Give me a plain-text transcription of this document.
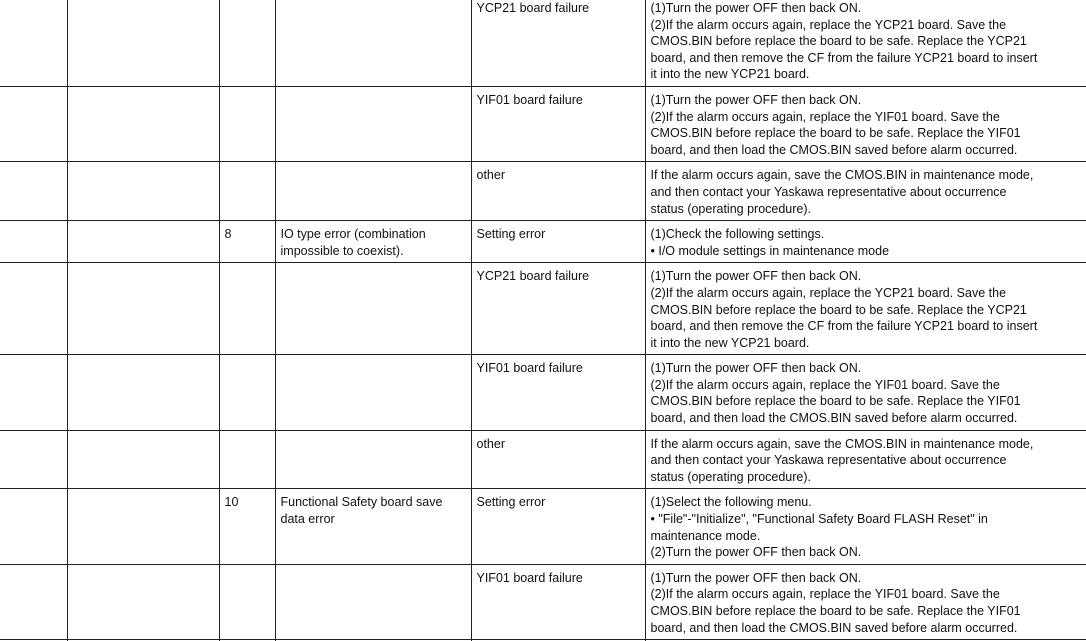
				YCP21 board failure	(1)Turn the power OFF then back ON.
(2)If the alarm occurs again, replace the YCP21 board. Save the
CMOS.BIN before replace the board to be safe. Replace the YCP21
board, and then remove the CF from the failure YCP21 board to insert
it into the new YCP21 board.

				YIF01 board failure	(1)Turn the power OFF then back ON.
(2)If the alarm occurs again, replace the YIF01 board. Save the
CMOS.BIN before replace the board to be safe. Replace the YIF01
board, and then load the CMOS.BIN saved before alarm occurred.

				other	If the alarm occurs again, save the CMOS.BIN in maintenance mode,
and then contact your Yaskawa representative about occurrence
status (operating procedure).

		8	IO type error (combination impossible to coexist).	Setting error	(1)Check the following settings.
• I/O module settings in maintenance mode

				YCP21 board failure	(1)Turn the power OFF then back ON.
(2)If the alarm occurs again, replace the YCP21 board. Save the
CMOS.BIN before replace the board to be safe. Replace the YCP21
board, and then remove the CF from the failure YCP21 board to insert
it into the new YCP21 board.

				YIF01 board failure	(1)Turn the power OFF then back ON.
(2)If the alarm occurs again, replace the YIF01 board. Save the
CMOS.BIN before replace the board to be safe. Replace the YIF01
board, and then load the CMOS.BIN saved before alarm occurred.

				other	If the alarm occurs again, save the CMOS.BIN in maintenance mode,
and then contact your Yaskawa representative about occurrence
status (operating procedure).

		10	Functional Safety board save data error	Setting error	(1)Select the following menu.
• "File"-"Initialize", "Functional Safety Board FLASH Reset" in
maintenance mode.
(2)Turn the power OFF then back ON.

				YIF01 board failure	(1)Turn the power OFF then back ON.
(2)If the alarm occurs again, replace the YIF01 board. Save the
CMOS.BIN before replace the board to be safe. Replace the YIF01
board, and then load the CMOS.BIN saved before alarm occurred.
